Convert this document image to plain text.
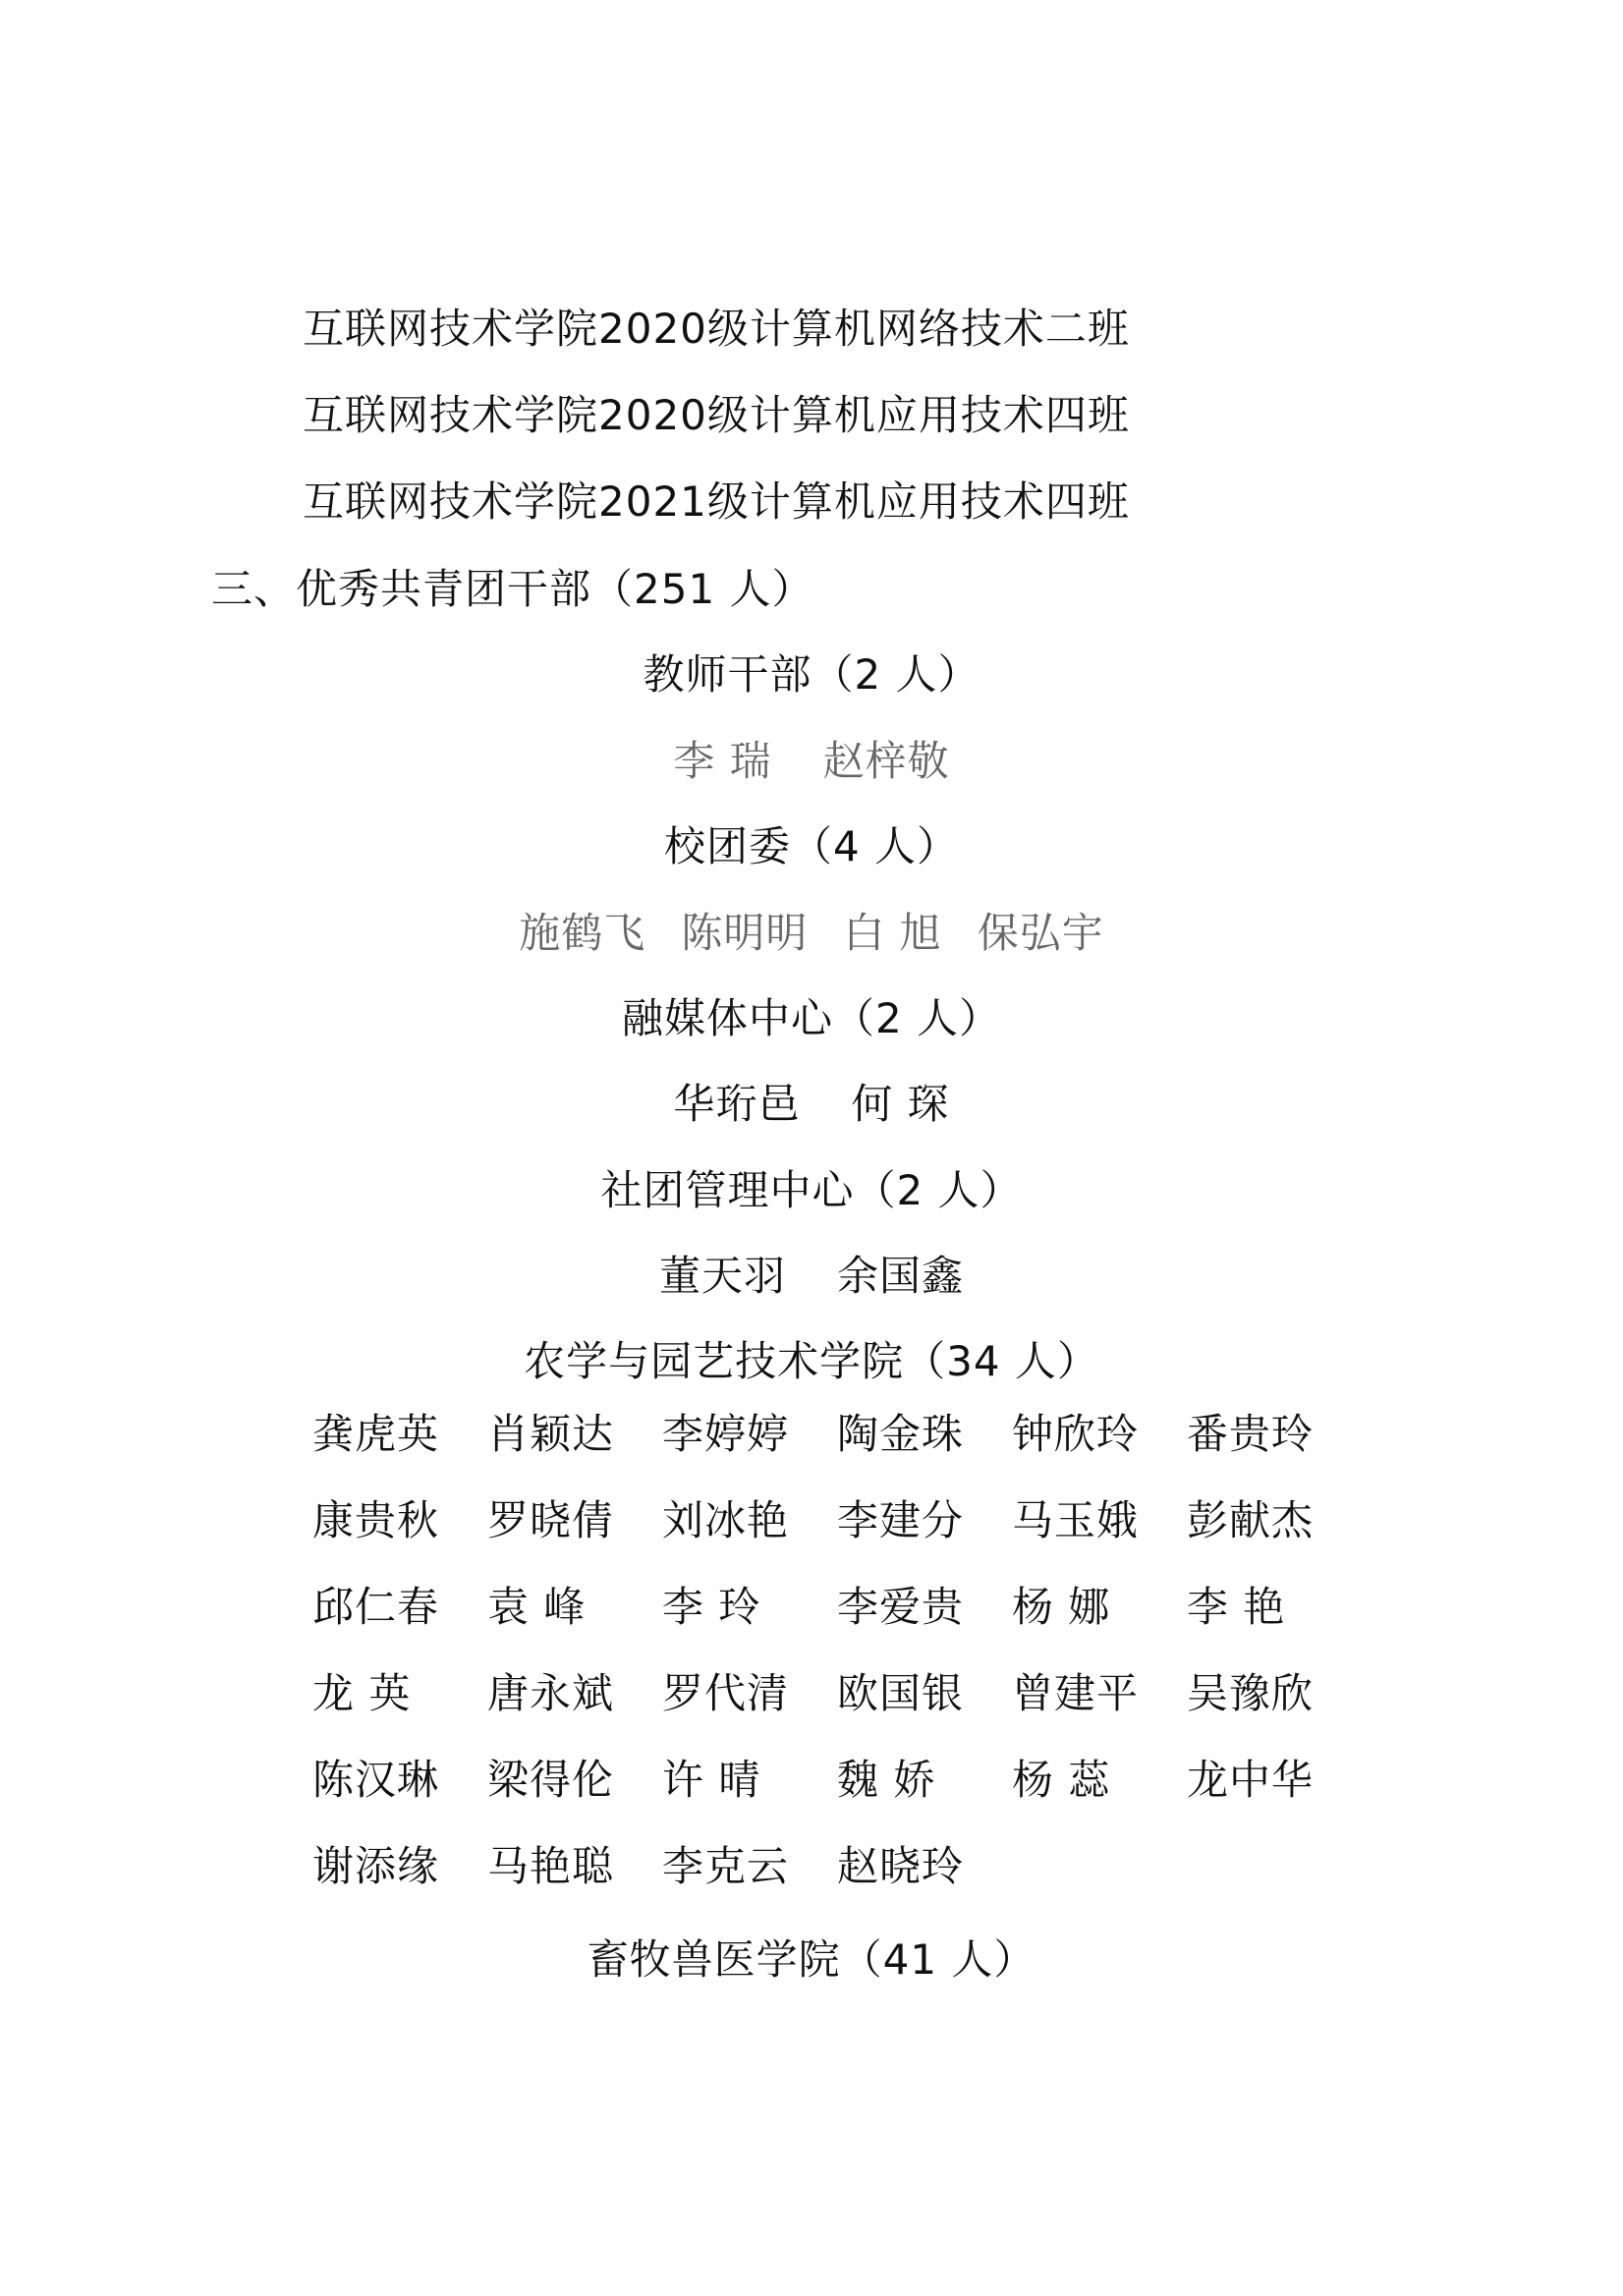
互联网技术学院2020级计算机网络技术二班
互联网技术学院2020级计算机应用技术四班
互联网技术学院2021级计算机应用技术四班
三、优秀共青团干部（251 人）
教师干部（2 人）
李 瑞 赵梓敬
校团委（4 人）
施鹤飞 陈明明 白 旭 保弘宇
融媒体中心（2 人）
华珩邑 何 琛
社团管理中心（2 人）
董天羽 余国鑫
农学与园艺技术学院（34 人）
龚虎英 肖颖达 李婷婷 陶金珠 钟欣玲 番贵玲
康贵秋 罗晓倩 刘冰艳 李建分 马玉娥 彭献杰
邱仁春 袁 峰 李 玲 李爱贵 杨 娜 李 艳
龙 英 唐永斌 罗代清 欧国银 曾建平 吴豫欣
陈汉琳 梁得伦 许 晴 魏 娇 杨 蕊 龙中华
谢添缘 马艳聪 李克云 赵晓玲
畜牧兽医学院（41 人）
